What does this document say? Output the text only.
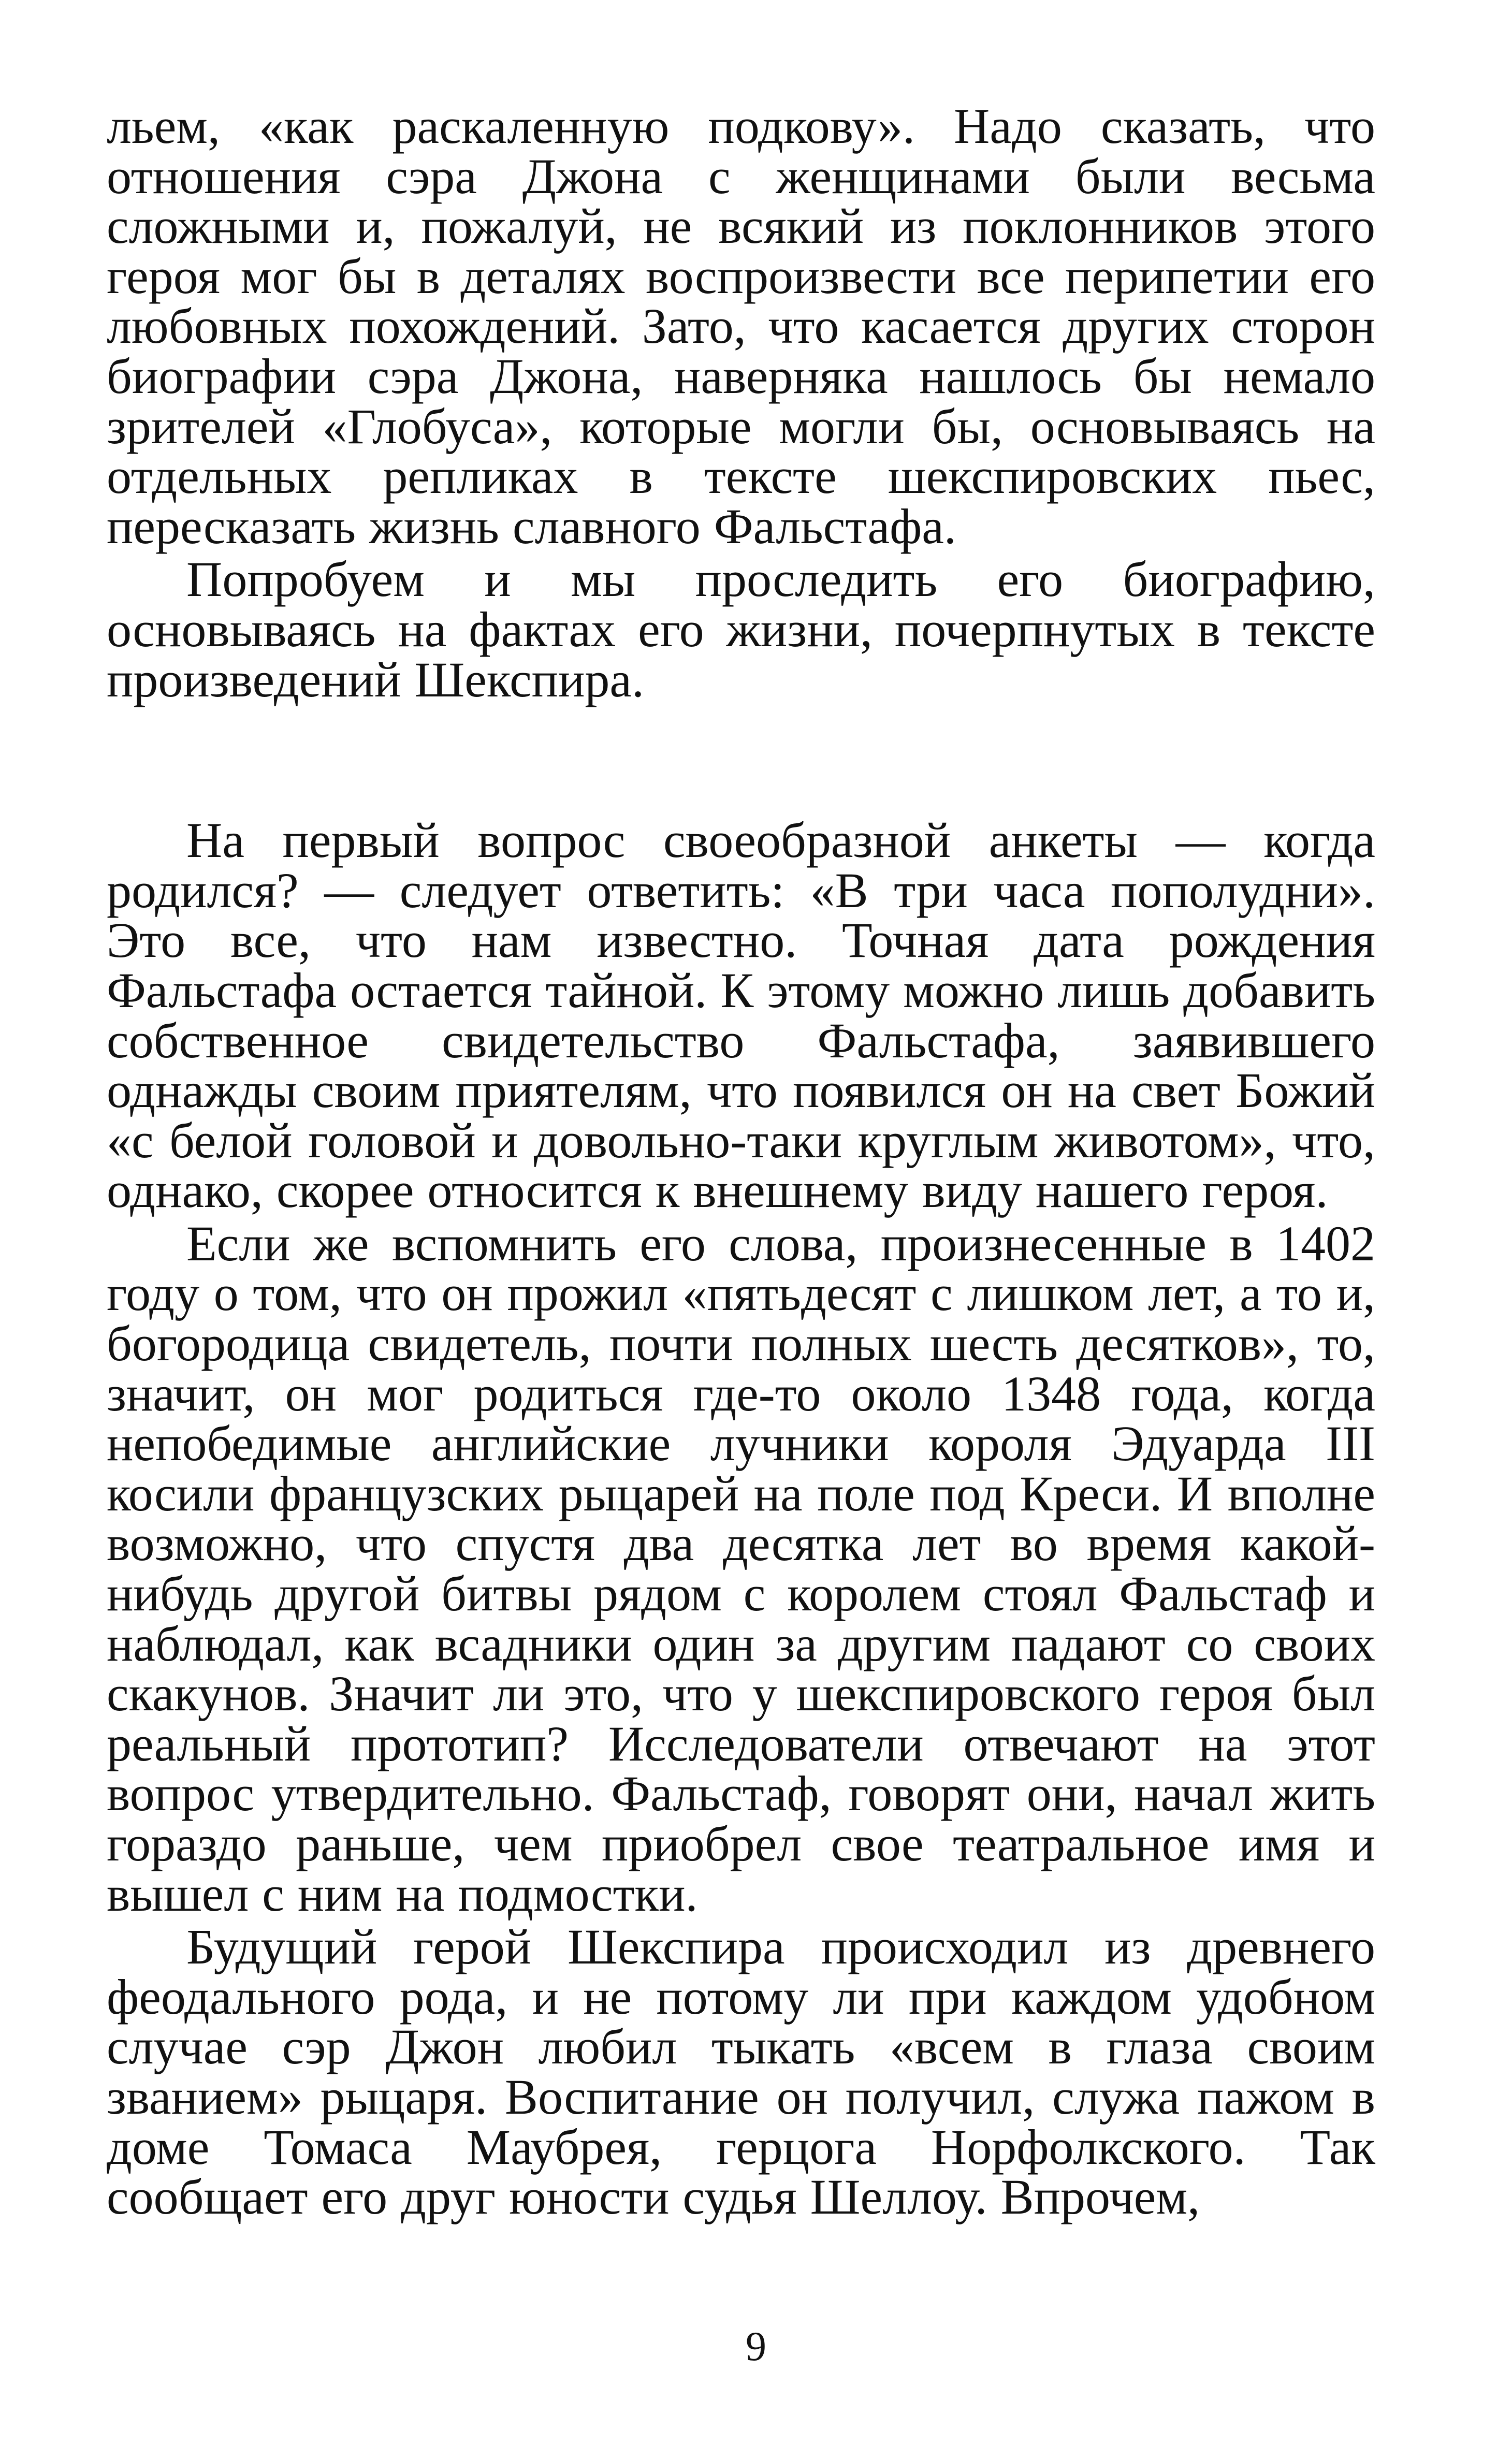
льем, «как раскаленную подкову». Надо сказать, что отношения сэра Джона с женщинами были весьма сложными и, пожалуй, не всякий из поклонников этого героя мог бы в деталях воспроизвести все перипетии его любовных похождений. Зато, что касается других сторон биографии сэра Джона, наверняка нашлось бы немало зрителей «Глобуса», которые могли бы, основываясь на отдельных репликах в тексте шекспировских пьес, пересказать жизнь славного Фальстафа.

Попробуем и мы проследить его биографию, основываясь на фактах его жизни, почерпнутых в тексте произведений Шекспира.

На первый вопрос своеобразной анкеты — когда родился? — следует ответить: «В три часа пополудни». Это все, что нам известно. Точная дата рождения Фальстафа остается тайной. К этому можно лишь добавить собственное свидетельство Фальстафа, заявившего однажды своим приятелям, что появился он на свет Божий «с белой головой и довольно-таки круглым животом», что, однако, скорее относится к внешнему виду нашего героя.

Если же вспомнить его слова, произнесенные в 1402 году о том, что он прожил «пятьдесят с лишком лет, а то и, богородица свидетель, почти полных шесть десятков», то, значит, он мог родиться где-то около 1348 года, когда непобедимые английские лучники короля Эдуарда III косили французских рыцарей на поле под Креси. И вполне возможно, что спустя два десятка лет во время какой-нибудь другой битвы рядом с королем стоял Фальстаф и наблюдал, как всадники один за другим падают со своих скакунов. Значит ли это, что у шекспировского героя был реальный прототип? Исследователи отвечают на этот вопрос утвердительно. Фальстаф, говорят они, начал жить гораздо раньше, чем приобрел свое театральное имя и вышел с ним на подмостки.

Будущий герой Шекспира происходил из древнего феодального рода, и не потому ли при каждом удобном случае сэр Джон любил тыкать «всем в глаза своим званием» рыцаря. Воспитание он получил, служа пажом в доме Томаса Маубрея, герцога Норфолкского. Так сообщает его друг юности судья Шеллоу. Впрочем,

9
